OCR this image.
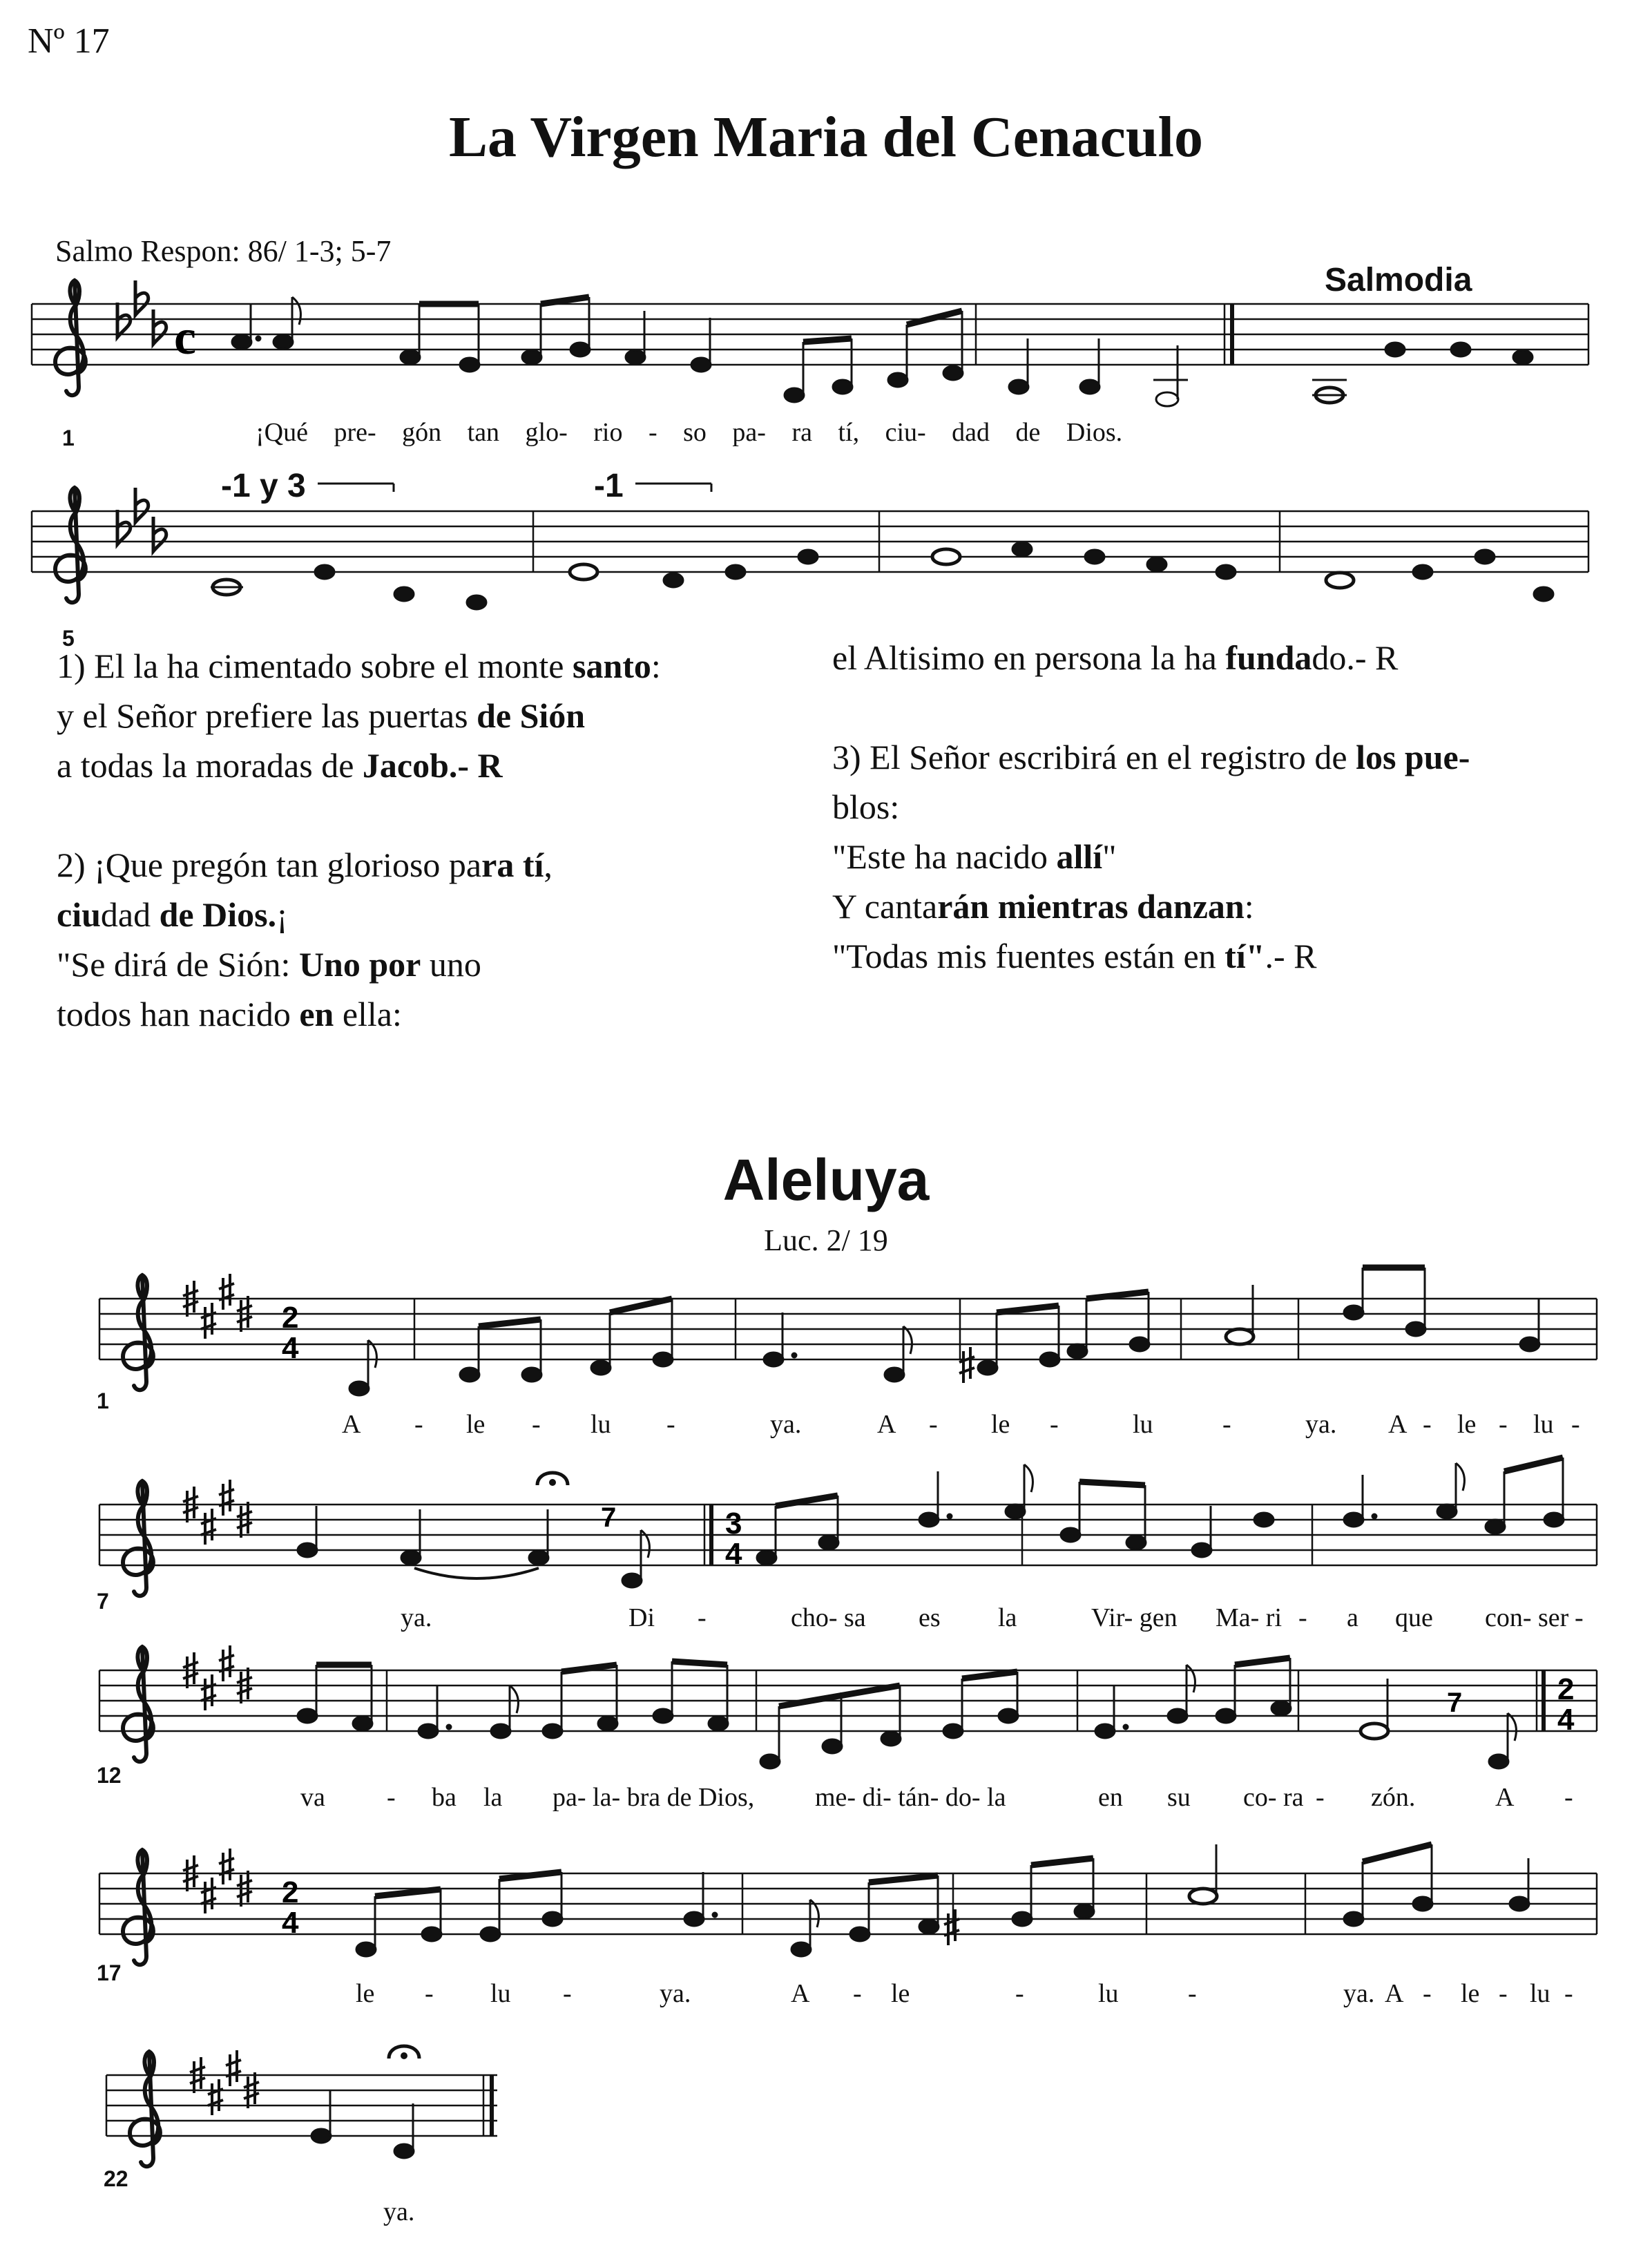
Nº 17
La Virgen Maria del Cenaculo
Salmo Respon: 86/ 1-3; 5-7
Salmodia
c
2
4
3
4
7
2
4
7
2
4
1	¡Qué pre- gón tan glo- rio - so pa- ra tí, ciu- dad de Dios.
5
-1 y 3	-1

1) El la ha cimentado sobre el monte santo:

y el Señor prefiere las puertas de Sión

a todas la moradas de Jacob.- R

2) ¡Que pregón tan glorioso para tí,

ciudad de Dios.¡

"Se dirá de Sión: Uno por uno

todos han nacido en ella:

el Altisimo en persona la ha fundado.- R

3) El Señor escribirá en el registro de los pue-

blos:

"Este ha nacido allí"

Y cantarán mientras danzan:

"Todas mis fuentes están en tí".- R

Aleluya
Luc. 2/ 19
1
A - le - lu -	ya.	A - le -	lu	-	ya. A - le - lu -
7
ya.	Di -	cho- sa es la	Vir- gen Ma- ri - a que con- ser -
12
va - ba la pa- la- bra de Dios, me- di- tán- do- la	en su co- ra - zón.	A -
17
le - lu -	ya.	A - le	-	lu	-	ya. A - le - lu -
22
ya.
